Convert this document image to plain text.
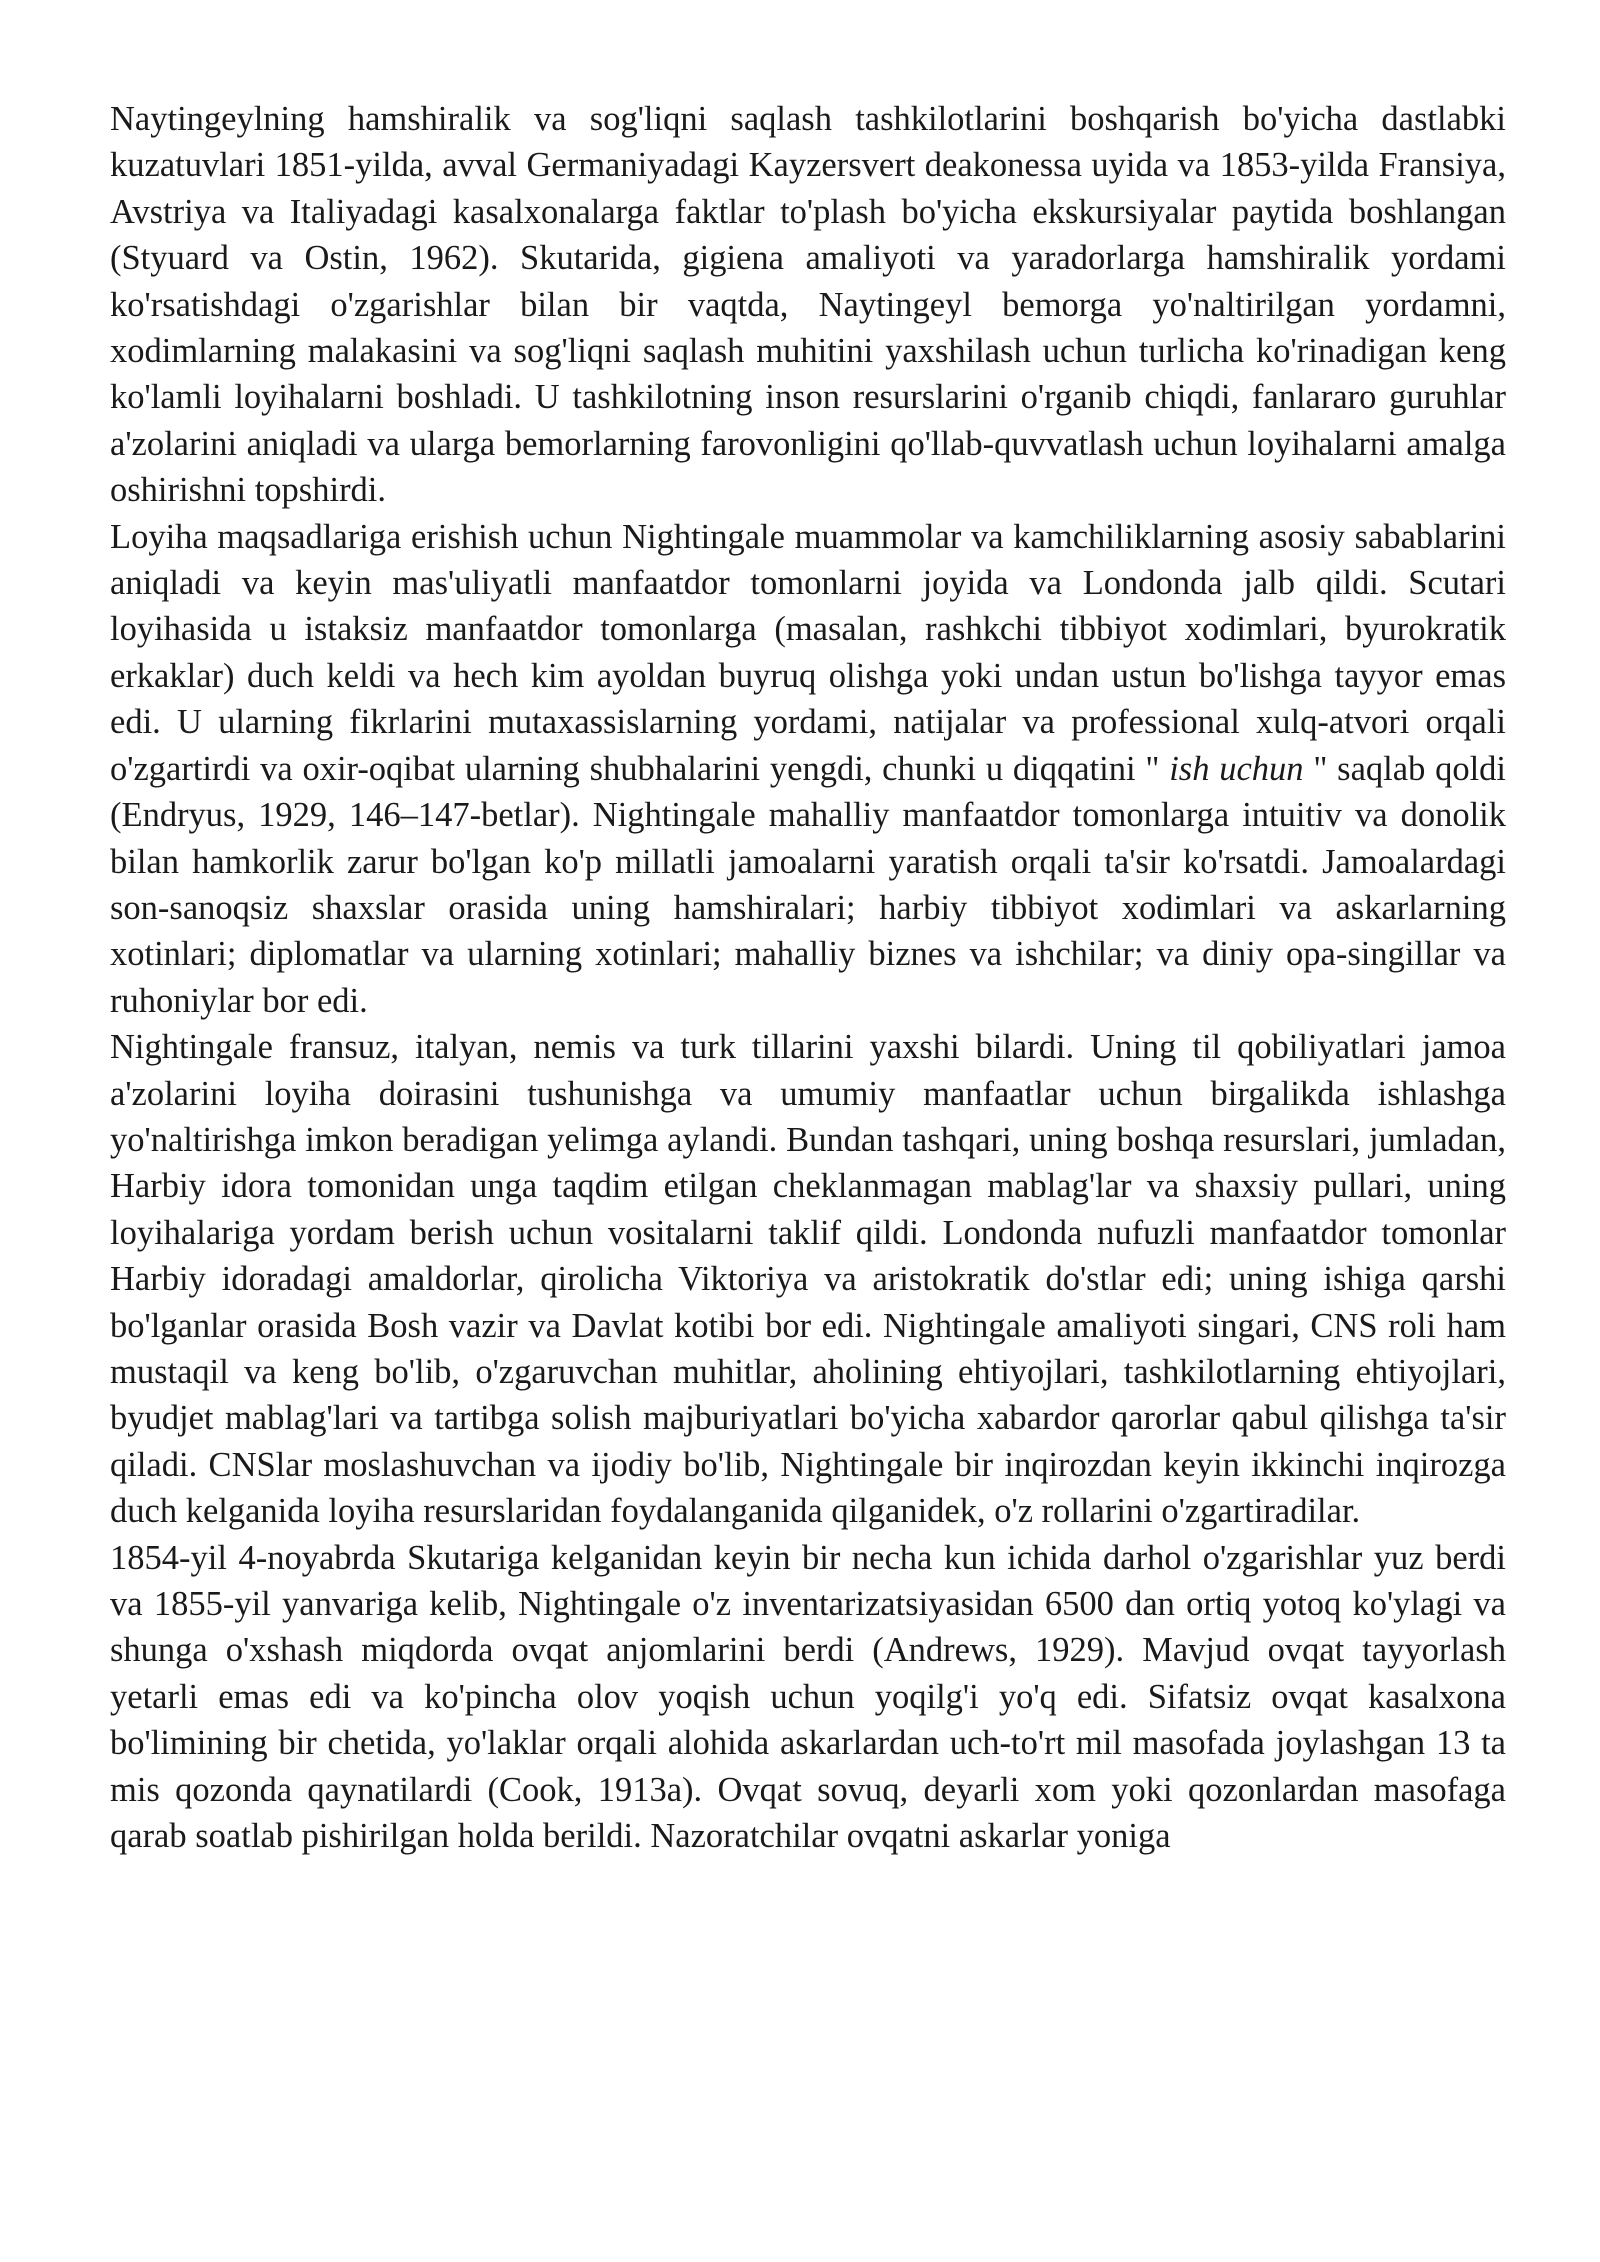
Naytingeylning hamshiralik va sog'liqni saqlash tashkilotlarini boshqarish bo'yicha dastlabki kuzatuvlari 1851-yilda, avval Germaniyadagi Kayzersvert deakonessa uyida va 1853-yilda Fransiya, Avstriya va Italiyadagi kasalxonalarga faktlar to'plash bo'yicha ekskursiyalar paytida boshlangan (Styuard va Ostin, 1962). Skutarida, gigiena amaliyoti va yaradorlarga hamshiralik yordami ko'rsatishdagi o'zgarishlar bilan bir vaqtda, Naytingeyl bemorga yo'naltirilgan yordamni, xodimlarning malakasini va sog'liqni saqlash muhitini yaxshilash uchun turlicha ko'rinadigan keng ko'lamli loyihalarni boshladi. U tashkilotning inson resurslarini o'rganib chiqdi, fanlararo guruhlar a'zolarini aniqladi va ularga bemorlarning farovonligini qo'llab-quvvatlash uchun loyihalarni amalga oshirishni topshirdi.

Loyiha maqsadlariga erishish uchun Nightingale muammolar va kamchiliklarning asosiy sabablarini aniqladi va keyin mas'uliyatli manfaatdor tomonlarni joyida va Londonda jalb qildi. Scutari loyihasida u istaksiz manfaatdor tomonlarga (masalan, rashkchi tibbiyot xodimlari, byurokratik erkaklar) duch keldi va hech kim ayoldan buyruq olishga yoki undan ustun bo'lishga tayyor emas edi. U ularning fikrlarini mutaxassislarning yordami, natijalar va professional xulq-atvori orqali o'zgartirdi va oxir-oqibat ularning shubhalarini yengdi, chunki u diqqatini " ish uchun " saqlab qoldi (Endryus, 1929, 146–147-betlar). Nightingale mahalliy manfaatdor tomonlarga intuitiv va donolik bilan hamkorlik zarur bo'lgan ko'p millatli jamoalarni yaratish orqali ta'sir ko'rsatdi. Jamoalardagi son-sanoqsiz shaxslar orasida uning hamshiralari; harbiy tibbiyot xodimlari va askarlarning xotinlari; diplomatlar va ularning xotinlari; mahalliy biznes va ishchilar; va diniy opa-singillar va ruhoniylar bor edi.

Nightingale fransuz, italyan, nemis va turk tillarini yaxshi bilardi. Uning til qobiliyatlari jamoa a'zolarini loyiha doirasini tushunishga va umumiy manfaatlar uchun birgalikda ishlashga yo'naltirishga imkon beradigan yelimga aylandi. Bundan tashqari, uning boshqa resurslari, jumladan, Harbiy idora tomonidan unga taqdim etilgan cheklanmagan mablag'lar va shaxsiy pullari, uning loyihalariga yordam berish uchun vositalarni taklif qildi. Londonda nufuzli manfaatdor tomonlar Harbiy idoradagi amaldorlar, qirolicha Viktoriya va aristokratik do'stlar edi; uning ishiga qarshi bo'lganlar orasida Bosh vazir va Davlat kotibi bor edi. Nightingale amaliyoti singari, CNS roli ham mustaqil va keng bo'lib, o'zgaruvchan muhitlar, aholining ehtiyojlari, tashkilotlarning ehtiyojlari, byudjet mablag'lari va tartibga solish majburiyatlari bo'yicha xabardor qarorlar qabul qilishga ta'sir qiladi. CNSlar moslashuvchan va ijodiy bo'lib, Nightingale bir inqirozdan keyin ikkinchi inqirozga duch kelganida loyiha resurslaridan foydalanganida qilganidek, o'z rollarini o'zgartiradilar.

1854-yil 4-noyabrda Skutariga kelganidan keyin bir necha kun ichida darhol o'zgarishlar yuz berdi va 1855-yil yanvariga kelib, Nightingale o'z inventarizatsiyasidan 6500 dan ortiq yotoq ko'ylagi va shunga o'xshash miqdorda ovqat anjomlarini berdi (Andrews, 1929). Mavjud ovqat tayyorlash yetarli emas edi va ko'pincha olov yoqish uchun yoqilg'i yo'q edi. Sifatsiz ovqat kasalxona bo'limining bir chetida, yo'laklar orqali alohida askarlardan uch-to'rt mil masofada joylashgan 13 ta mis qozonda qaynatilardi (Cook, 1913a). Ovqat sovuq, deyarli xom yoki qozonlardan masofaga qarab soatlab pishirilgan holda berildi. Nazoratchilar ovqatni askarlar yoniga
